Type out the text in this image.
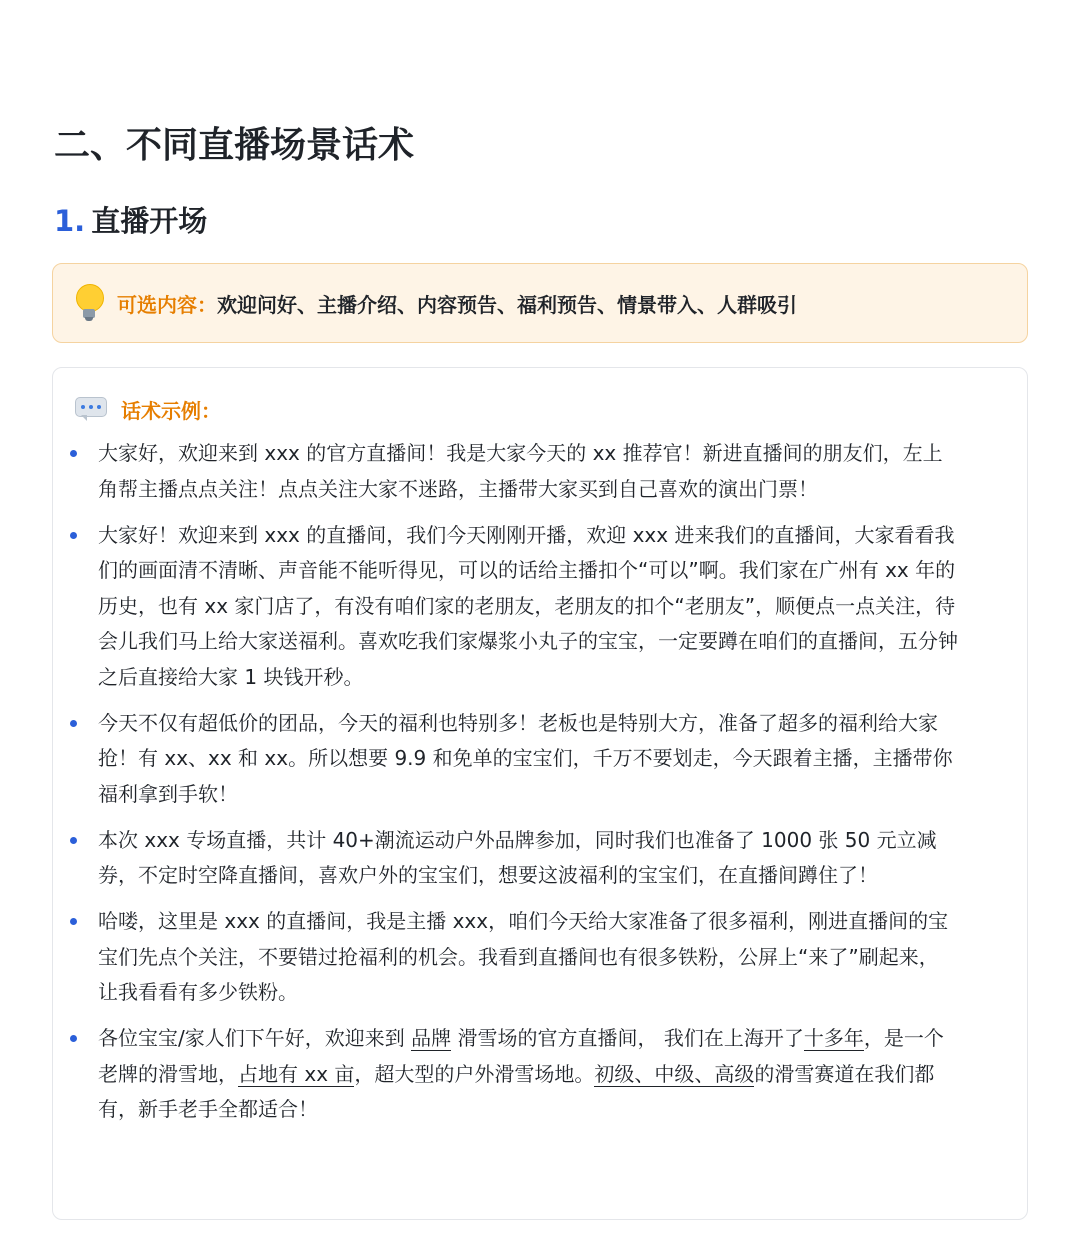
二、不同直播场景话术
1. 直播开场
可选内容： 欢迎问好、主播介绍、内容预告、福利预告、情景带入、人群吸引
话术示例：
大家好，欢迎来到 xxx 的官方直播间！我是大家今天的 xx 推荐官！新进直播间的朋友们，左上角帮主播点点关注！点点关注大家不迷路，主播带大家买到自己喜欢的演出门票！
大家好！欢迎来到 xxx 的直播间，我们今天刚刚开播，欢迎 xxx 进来我们的直播间，大家看看我们的画面清不清晰、声音能不能听得见，可以的话给主播扣个“可以”啊。我们家在广州有 xx 年的历史，也有 xx 家门店了，有没有咱们家的老朋友，老朋友的扣个“老朋友”，顺便点一点关注，待会儿我们马上给大家送福利。喜欢吃我们家爆浆小丸子的宝宝，一定要蹲在咱们的直播间，五分钟之后直接给大家 1 块钱开秒。
今天不仅有超低价的团品，今天的福利也特别多！老板也是特别大方，准备了超多的福利给大家抢！有 xx、xx 和 xx。所以想要 9.9 和免单的宝宝们，千万不要划走，今天跟着主播，主播带你福利拿到手软！
本次 xxx 专场直播，共计 40+潮流运动户外品牌参加，同时我们也准备了 1000 张 50 元立减券，不定时空降直播间，喜欢户外的宝宝们，想要这波福利的宝宝们，在直播间蹲住了！
哈喽，这里是 xxx 的直播间，我是主播 xxx，咱们今天给大家准备了很多福利，刚进直播间的宝宝们先点个关注，不要错过抢福利的机会。我看到直播间也有很多铁粉，公屏上“来了”刷起来，让我看看有多少铁粉。
各位宝宝/家人们下午好，欢迎来到 品牌 滑雪场的官方直播间， 我们在上海开了十多年，是一个老牌的滑雪地，占地有 xx 亩，超大型的户外滑雪场地。初级、中级、高级的滑雪赛道在我们都有，新手老手全都适合！
